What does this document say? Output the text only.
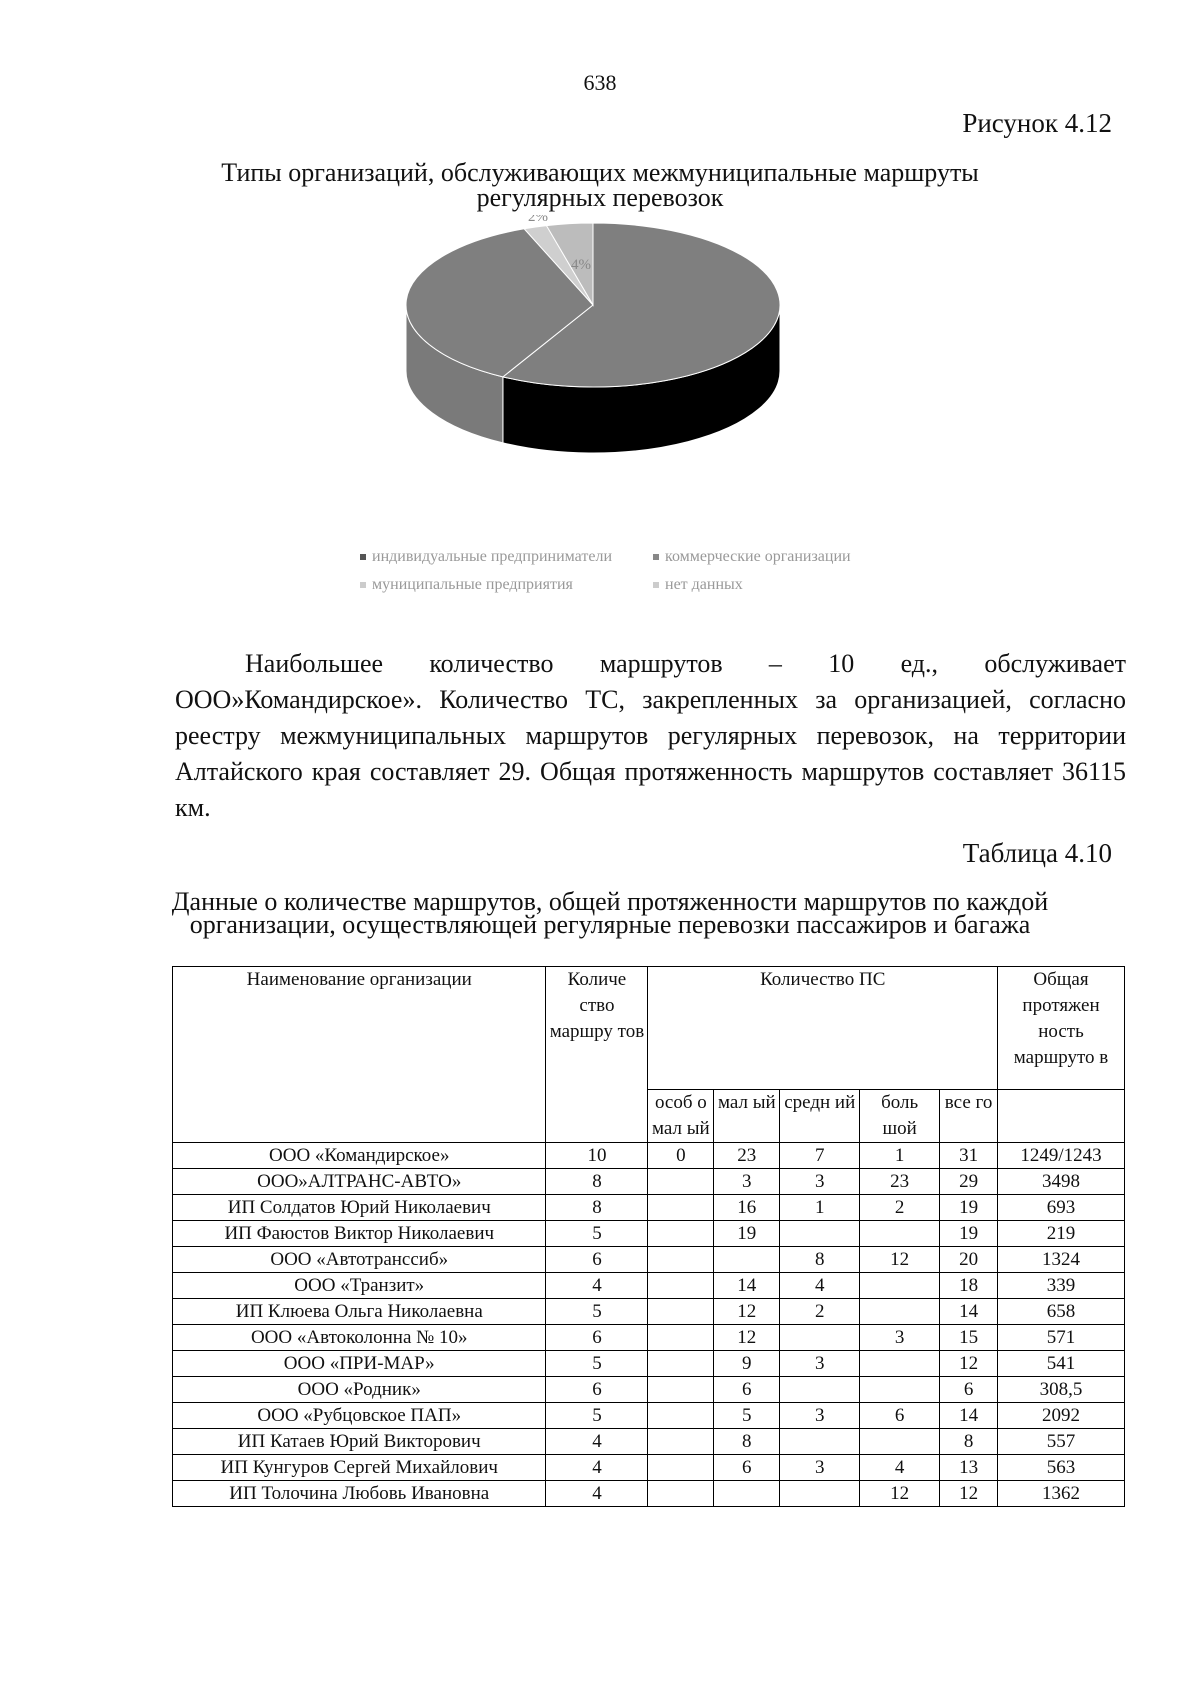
638
Рисунок 4.12
Типы организаций, обслуживающих межмуниципальные маршруты регулярных перевозок
2%
4%
индивидуальные предприниматели	коммерческие организации
муниципальные предприятия	нет данных
Наибольшее количество маршрутов – 10 ед., обслуживает
ООО»Командирское». Количество ТС, закрепленных за организацией, согласно реестру межмуниципальных маршрутов регулярных перевозок, на территории Алтайского края составляет 29. Общая протяженность маршрутов составляет 36115 км.
Таблица 4.10
Данные о количестве маршрутов, общей протяженности маршрутов по каждой организации, осуществляющей регулярные перевозки пассажиров и багажа
Наименование организации	Количе ство маршру тов	Количество ПС					Общая протяжен ность маршруто в
		особ о мал ый	мал ый	средн ий	боль шой	все го	
ООО «Командирское»	10	0	23	7	1	31	1249/1243
ООО»АЛТРАНС-АВТО»	8		3	3	23	29	3498
ИП Солдатов Юрий Николаевич	8		16	1	2	19	693
ИП Фаюстов Виктор Николаевич	5		19			19	219
ООО «Автотранссиб»	6			8	12	20	1324
ООО «Транзит»	4		14	4		18	339
ИП Клюева Ольга Николаевна	5		12	2		14	658
ООО «Автоколонна № 10»	6		12		3	15	571
ООО «ПРИ-МАР»	5		9	3		12	541
ООО «Родник»	6		6			6	308,5
ООО «Рубцовское ПАП»	5		5	3	6	14	2092
ИП Катаев Юрий Викторович	4		8			8	557
ИП Кунгуров Сергей Михайлович	4		6	3	4	13	563
ИП Толочина Любовь Ивановна	4				12	12	1362
